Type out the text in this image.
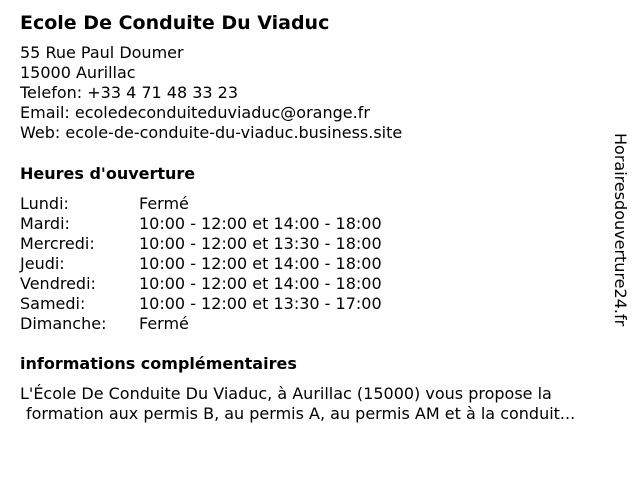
Ecole De Conduite Du Viaduc
55 Rue Paul Doumer
15000 Aurillac
Telefon: +33 4 71 48 33 23
Email: ecoledeconduiteduviaduc@orange.fr
Web: ecole-de-conduite-du-viaduc.business.site
Heures d'ouverture
Lundi:	Fermé
Mardi:	10:00 - 12:00 et 14:00 - 18:00
Mercredi:	10:00 - 12:00 et 13:30 - 18:00
Jeudi:	10:00 - 12:00 et 14:00 - 18:00
Vendredi:	10:00 - 12:00 et 14:00 - 18:00
Samedi:	10:00 - 12:00 et 13:30 - 17:00
Dimanche: Fermé
informations complémentaires
L'École De Conduite Du Viaduc, à Aurillac (15000) vous propose la
formation aux permis B, au permis A, au permis AM et à la conduit...
Horairesdouverture24.fr
